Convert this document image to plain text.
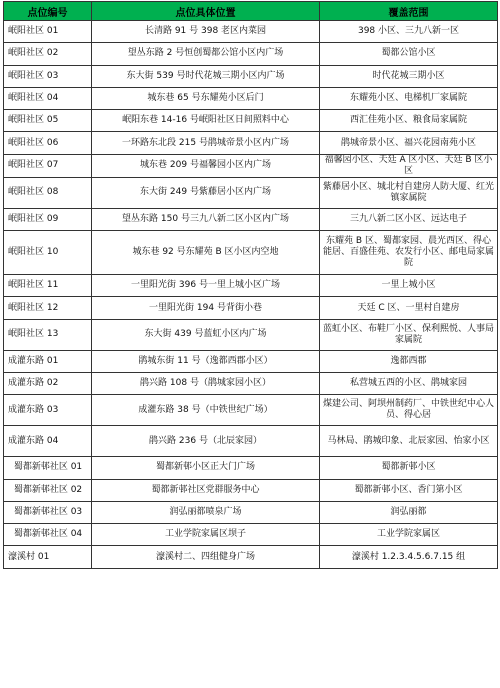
点位编号	点位具体位置	覆盖范围
岷阳社区 01	长清路 91 号 398 老区内菜园	398 小区、三九八新一区
岷阳社区 02	望丛东路 2 号恒创蜀都公馆小区内广场	蜀都公馆小区
岷阳社区 03	东大街 539 号时代花城三期小区内广场	时代花城三期小区
岷阳社区 04	城东巷 65 号东耀苑小区后门	东耀苑小区、电梯机厂家属院
岷阳社区 05	岷阳东巷 14-16 号岷阳社区日间照料中心	西汇佳苑小区、粮食局家属院
岷阳社区 06	一环路东北段 215 号鹃城帝景小区内广场	鹃城帝景小区、福兴花园南苑小区
岷阳社区 07	城东巷 209 号福馨园小区内广场	福馨园小区、天廷 A 区小区、天廷 B 区小区
岷阳社区 08	东大街 249 号紫藤居小区内广场	紫藤居小区、城北村自建房人防大厦、红光镇家属院
岷阳社区 09	望丛东路 150 号三九八新二区小区内广场	三九八新二区小区、远达电子
岷阳社区 10	城东巷 92 号东耀苑 B 区小区内空地	东耀苑 B 区、蜀都家园、晨光西区、得心能居、百盛佳苑、农发行小区、邮电局家属院
岷阳社区 11	一里阳光街 396 号一里上城小区广场	一里上城小区
岷阳社区 12	一里阳光街 194 号背街小巷	天廷 C 区、一里村自建房
岷阳社区 13	东大街 439 号蓝虹小区内广场	蓝虹小区、布鞋厂小区、保利熙悦、人事局家属院
成灌东路 01	鹃城东街 11 号（逸都西郡小区）	逸都西郡
成灌东路 02	鹃兴路 108 号（鹃城家园小区）	私营城五西的小区、鹃城家园
成灌东路 03	成灌东路 38 号（中铁世纪广场）	煤建公司、阿坝州制药厂、中铁世纪中心人员、得心居
成灌东路 04	鹃兴路 236 号（北辰家园）	马林局、鹃城印象、北辰家园、怡家小区
蜀都新邨社区 01	蜀都新邨小区正大门广场	蜀都新邨小区
蜀都新邨社区 02	蜀都新邨社区党群服务中心	蜀都新邨小区、香门第小区
蜀都新邨社区 03	润弘丽都喷泉广场	润弘丽都
蜀都新邨社区 04	工业学院家属区坝子	工业学院家属区
濠溪村 01	濠溪村二、四组健身广场	濠溪村 1.2.3.4.5.6.7.15 组
